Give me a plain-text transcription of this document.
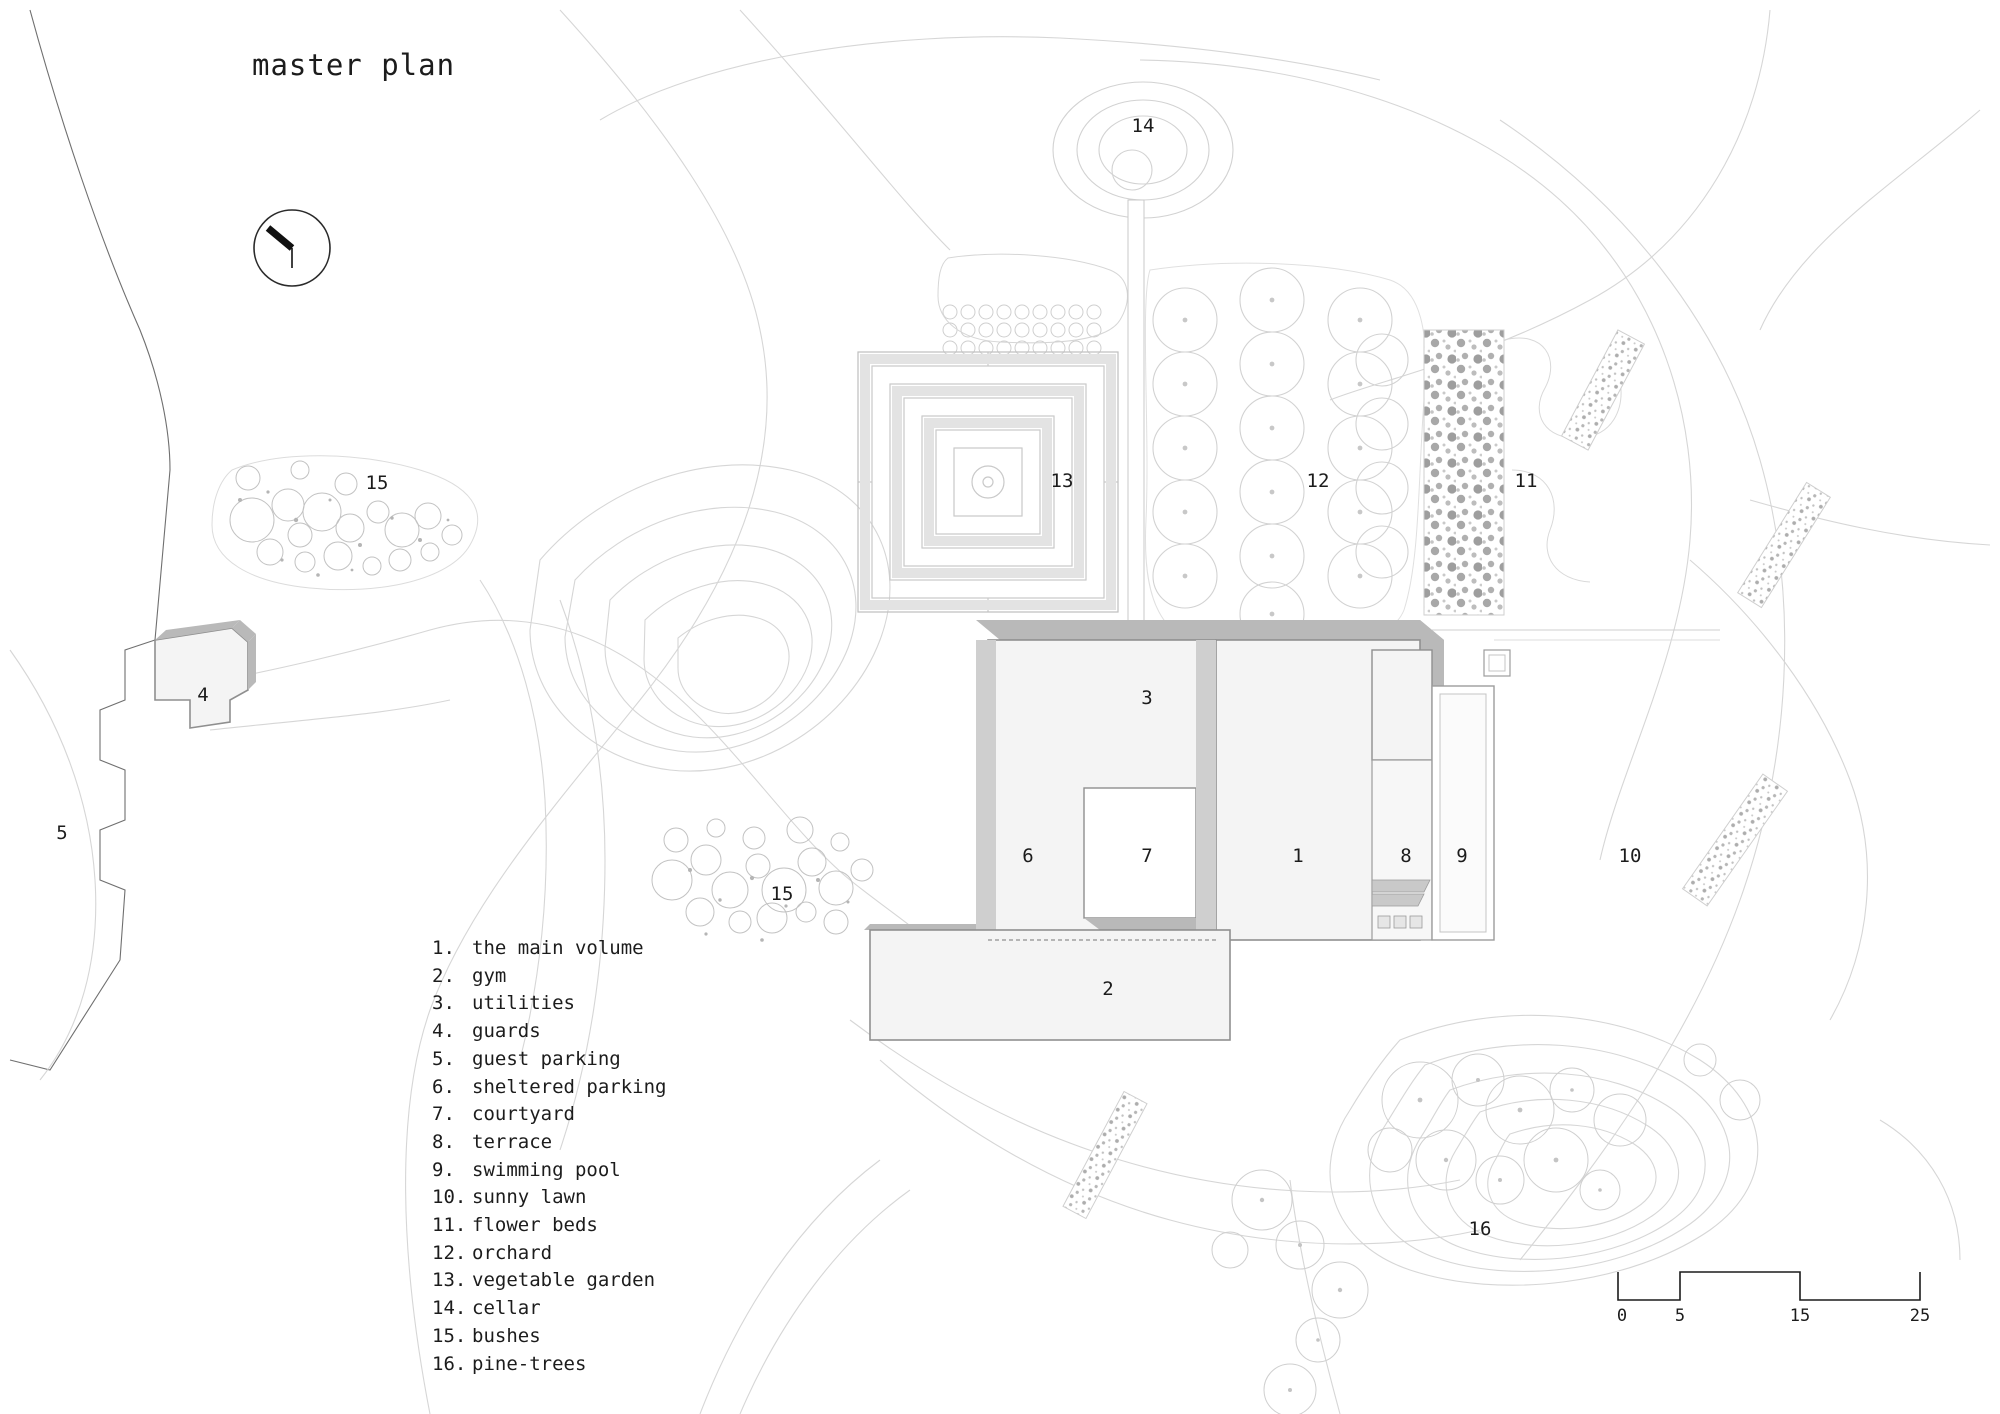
master plan
1. the main volume
2. gym
3. utilities
4. guards
5. guest parking
6. sheltered parking
7. courtyard
8. terrace
9. swimming pool
10. sunny lawn
11. flower beds
12. orchard
13. vegetable garden
14. cellar
15. bushes
16. pine-trees
14
15	13	12	11
4	3
5
15
6	7	1	8 9	10
2
16
0	5	15	25
